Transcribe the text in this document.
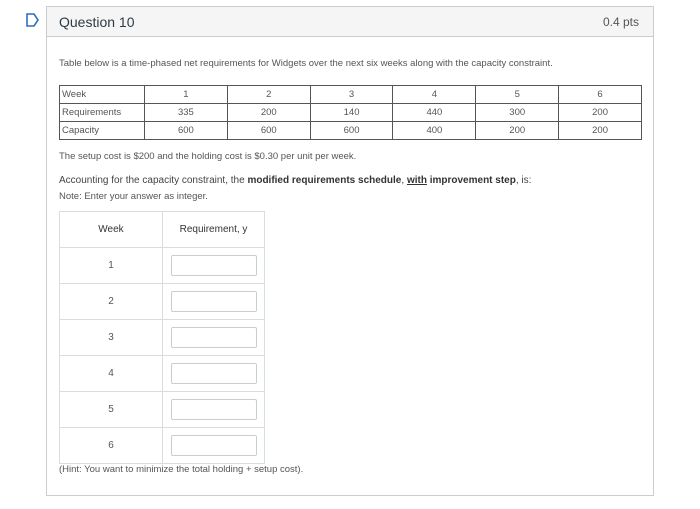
Question 10	0.4 pts
Table below is a time-phased net requirements for Widgets over the next six weeks along with the capacity constraint.
Week	1	2	3	4	5	6
Requirements	335	200	140	440	300	200
Capacity	600	600	600	400	200	200
The setup cost is $200 and the holding cost is $0.30 per unit per week.
Accounting for the capacity constraint, the modified requirements schedule, with improvement step, is:
Note: Enter your answer as integer.
Week	Requirement, y
1	

2	

3	

4	

5	

6	
(Hint: You want to minimize the total holding + setup cost).
